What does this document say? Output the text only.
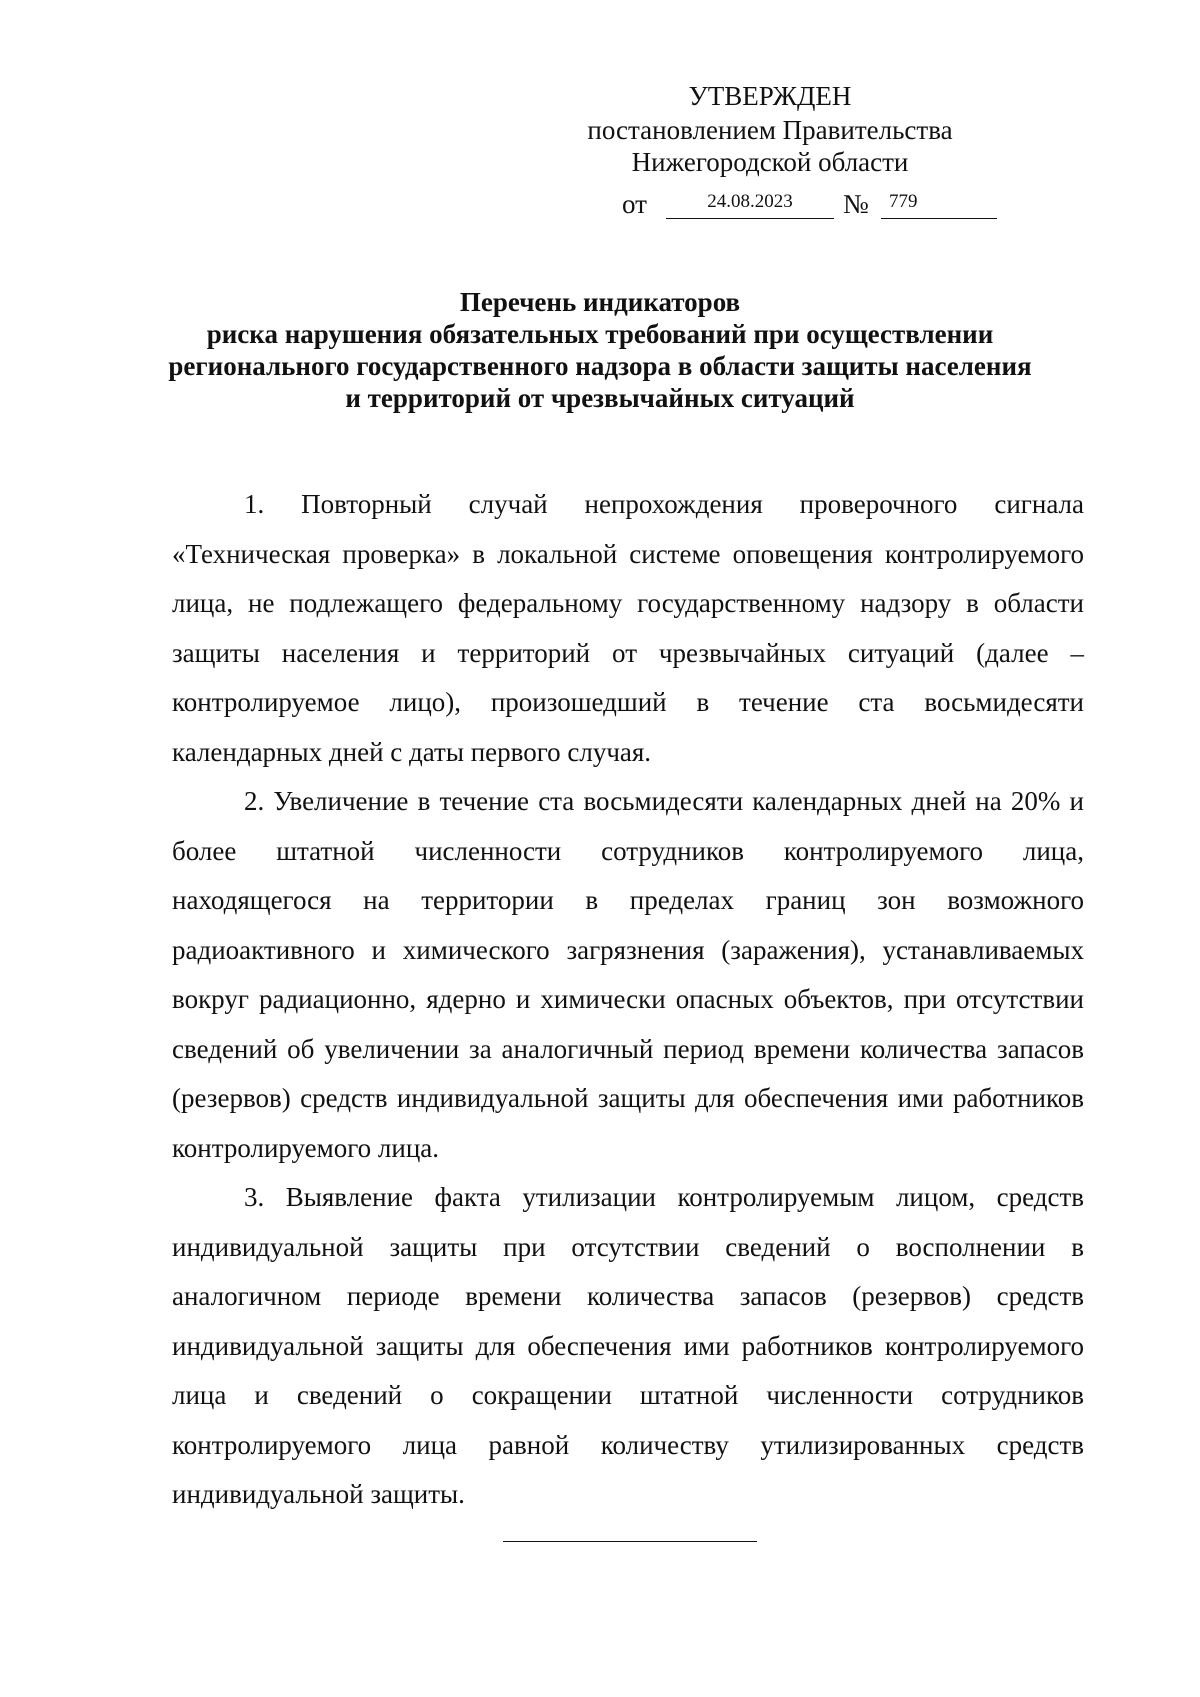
УТВЕРЖДЕН
постановлением Правительства
Нижегородской области
от	24.08.2023	№	779
Перечень индикаторов
риска нарушения обязательных требований при осуществлении
регионального государственного надзора в области защиты населения
и территорий от чрезвычайных ситуаций

1. Повторный случай непрохождения проверочного сигнала «Техническая проверка» в локальной системе оповещения контролируемого лица, не подлежащего федеральному государственному надзору в области защиты населения и территорий от чрезвычайных ситуаций (далее – контролируемое лицо), произошедший в течение ста восьмидесяти календарных дней с даты первого случая.

2. Увеличение в течение ста восьмидесяти календарных дней на 20% и более штатной численности сотрудников контролируемого лица, находящегося на территории в пределах границ зон возможного радиоактивного и химического загрязнения (заражения), устанавливаемых вокруг радиационно, ядерно и химически опасных объектов, при отсутствии сведений об увеличении за аналогичный период времени количества запасов (резервов) средств индивидуальной защиты для обеспечения ими работников контролируемого лица.

3. Выявление факта утилизации контролируемым лицом, средств индивидуальной защиты при отсутствии сведений о восполнении в аналогичном периоде времени количества запасов (резервов) средств индивидуальной защиты для обеспечения ими работников контролируемого лица и сведений о сокращении штатной численности сотрудников контролируемого лица равной количеству утилизированных средств индивидуальной защиты.
